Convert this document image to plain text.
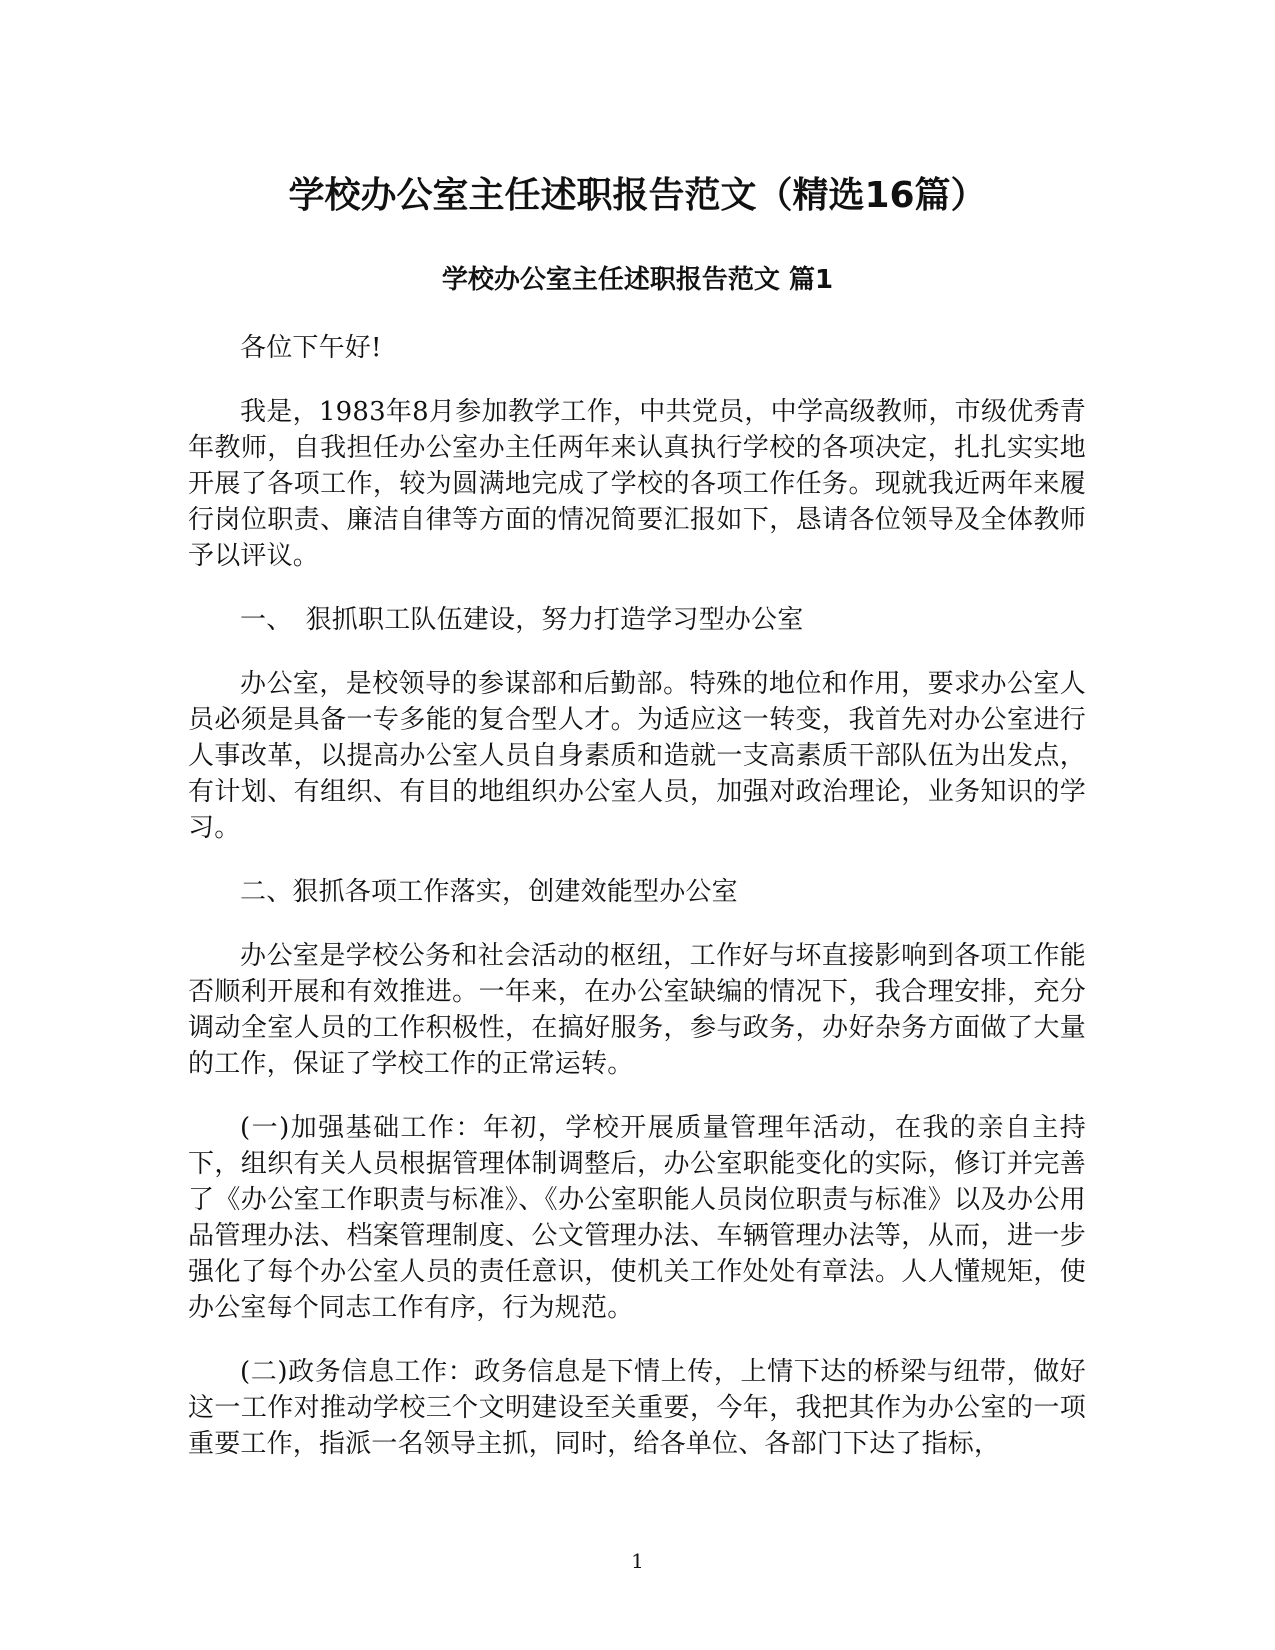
学校办公室主任述职报告范文（精选16篇）
学校办公室主任述职报告范文 篇1

各位下午好!

我是，1983年8月参加教学工作，中共党员，中学高级教师，市级优秀青年教师，自我担任办公室办主任两年来认真执行学校的各项决定，扎扎实实地开展了各项工作，较为圆满地完成了学校的各项工作任务。现就我近两年来履行岗位职责、廉洁自律等方面的情况简要汇报如下，恳请各位领导及全体教师予以评议。

一、　狠抓职工队伍建设，努力打造学习型办公室

办公室，是校领导的参谋部和后勤部。特殊的地位和作用，要求办公室人员必须是具备一专多能的复合型人才。为适应这一转变，我首先对办公室进行人事改革，以提高办公室人员自身素质和造就一支高素质干部队伍为出发点，有计划、有组织、有目的地组织办公室人员，加强对政治理论，业务知识的学习。

二、狠抓各项工作落实，创建效能型办公室

办公室是学校公务和社会活动的枢纽，工作好与坏直接影响到各项工作能否顺利开展和有效推进。一年来，在办公室缺编的情况下，我合理安排，充分调动全室人员的工作积极性，在搞好服务，参与政务，办好杂务方面做了大量的工作，保证了学校工作的正常运转。

(一)加强基础工作：年初，学校开展质量管理年活动，在我的亲自主持下，组织有关人员根据管理体制调整后，办公室职能变化的实际，修订并完善了《办公室工作职责与标准》、《办公室职能人员岗位职责与标准》以及办公用品管理办法、档案管理制度、公文管理办法、车辆管理办法等，从而，进一步强化了每个办公室人员的责任意识，使机关工作处处有章法。人人懂规矩，使办公室每个同志工作有序，行为规范。

(二)政务信息工作：政务信息是下情上传，上情下达的桥梁与纽带，做好这一工作对推动学校三个文明建设至关重要，今年，我把其作为办公室的一项重要工作，指派一名领导主抓，同时，给各单位、各部门下达了指标，

1
